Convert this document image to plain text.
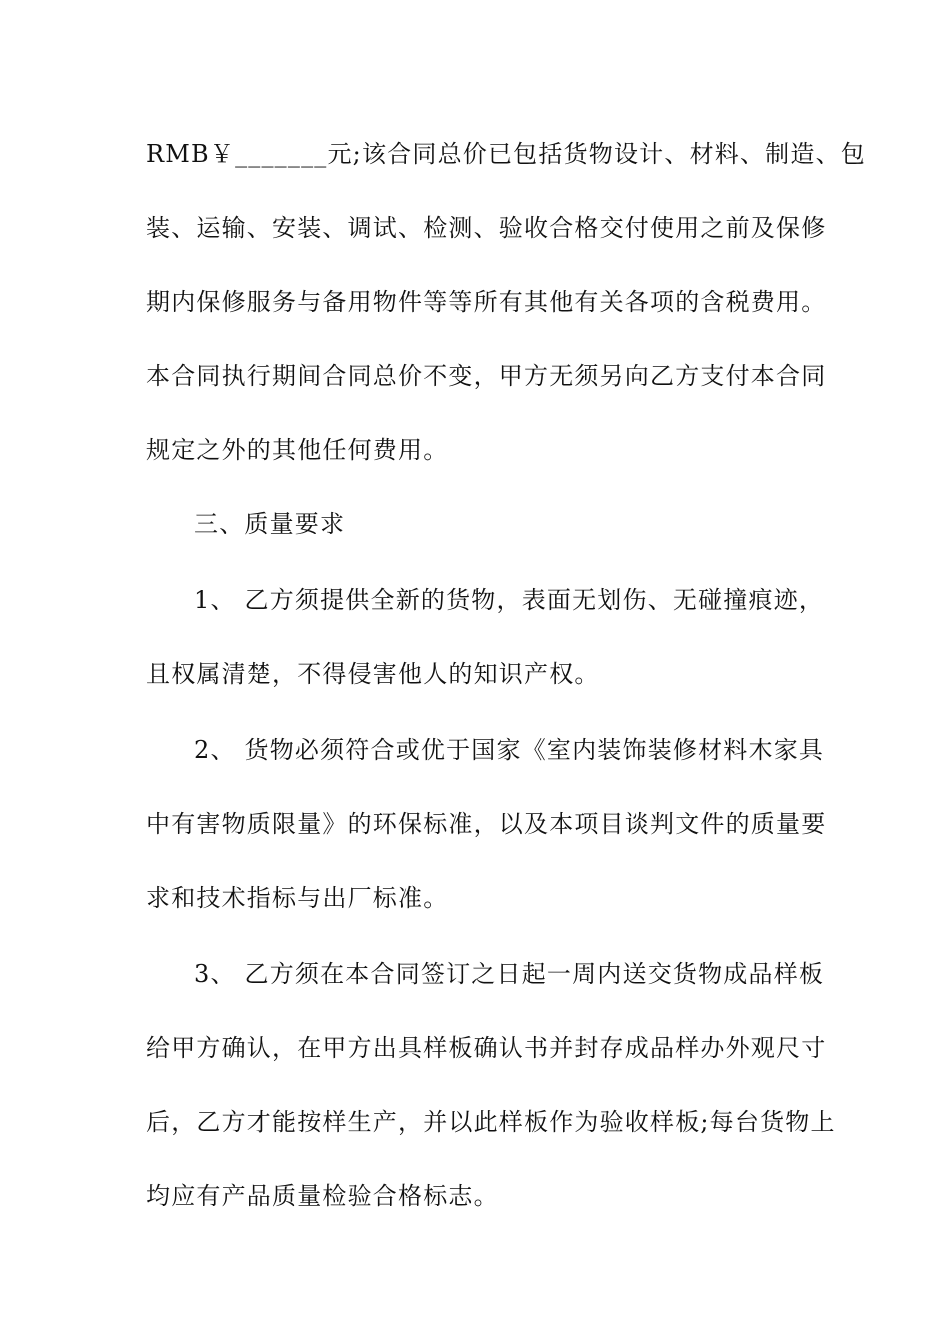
RMB￥_______元;该合同总价已包括货物设计、材料、制造、包
装、运输、安装、调试、检测、验收合格交付使用之前及保修
期内保修服务与备用物件等等所有其他有关各项的含税费用。
本合同执行期间合同总价不变，甲方无须另向乙方支付本合同
规定之外的其他任何费用。
三、质量要求
1、 乙方须提供全新的货物，表面无划伤、无碰撞痕迹，
且权属清楚，不得侵害他人的知识产权。
2、 货物必须符合或优于国家《室内装饰装修材料木家具
中有害物质限量》的环保标准，以及本项目谈判文件的质量要
求和技术指标与出厂标准。
3、 乙方须在本合同签订之日起一周内送交货物成品样板
给甲方确认，在甲方出具样板确认书并封存成品样办外观尺寸
后，乙方才能按样生产，并以此样板作为验收样板;每台货物上
均应有产品质量检验合格标志。
